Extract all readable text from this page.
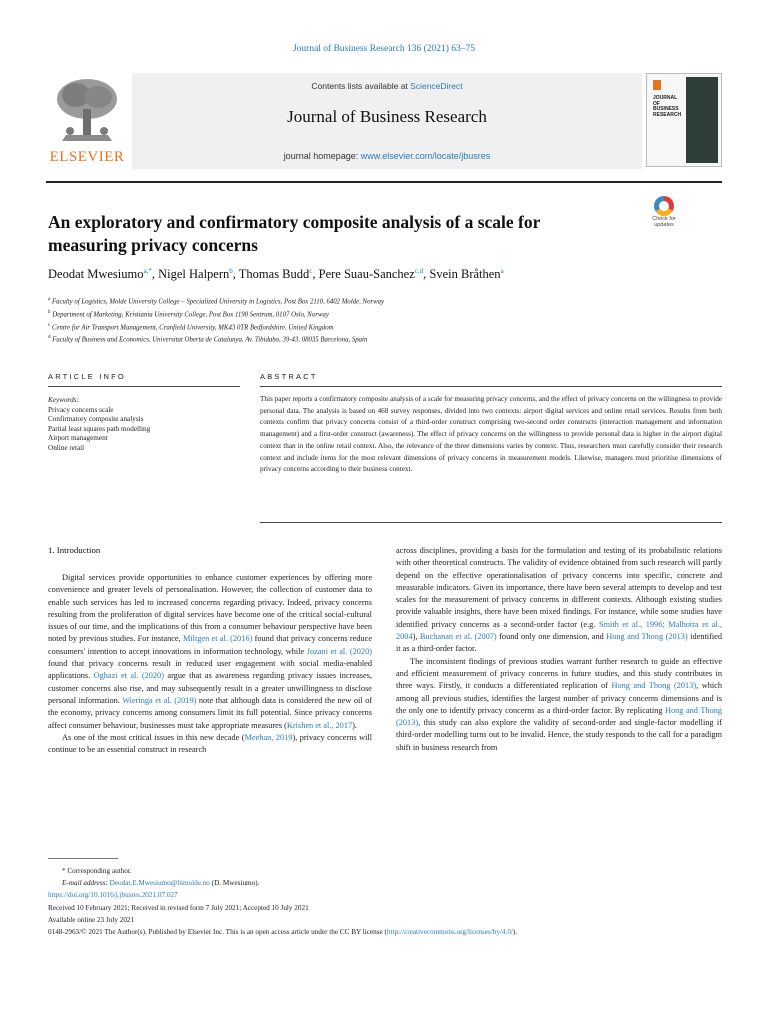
Journal of Business Research 136 (2021) 63–75
ELSEVIER
Contents lists available at ScienceDirect
Journal of Business Research
journal homepage: www.elsevier.com/locate/jbusres
JOURNAL OF BUSINESS RESEARCH
An exploratory and confirmatory composite analysis of a scale for measuring privacy concerns
Check for
updates
Deodat Mwesiumo$^{a,*}$, Nigel Halpern$^b$, Thomas Budd$^c$, Pere Suau-Sanchez$^{c,d}$, Svein Bråthen$^a$
$^a$ Faculty of Logistics, Molde University College – Specialized University in Logistics, Post Box 2110, 6402 Molde, Norway
$^b$ Department of Marketing, Kristiania University College, Post Box 1190 Sentrum, 0107 Oslo, Norway
$^c$ Centre for Air Transport Management, Cranfield University, MK43 0TR Bedfordshire, United Kingdom
$^d$ Faculty of Business and Economics, Universitat Oberta de Catalunya, Av. Tibidabo, 39-43, 08035 Barcelona, Spain
ARTICLE INFO
Keywords:
Privacy concerns scale
Confirmatory composite analysis
Partial least squares path modelling
Airport management
Online retail
ABSTRACT
This paper reports a confirmatory composite analysis of a scale for measuring privacy concerns, and the effect of privacy concerns on the willingness to provide personal data. The analysis is based on 468 survey responses, divided into two contexts: airport digital services and online retail services. Results from both contexts confirm that privacy concerns consist of a third-order construct comprising two-second order constructs (interaction management and information management) and a first-order construct (awareness). The effect of privacy concerns on the willingness to provide personal data is higher in the airport digital context than in the online retail context. Also, the relevance of the three dimensions varies by context. Thus, researchers must carefully consider their research context and include items for the most relevant dimensions of privacy concerns in measurement models. Likewise, managers must prioritise dimensions of privacy concerns according to their business context.
1. Introduction

Digital services provide opportunities to enhance customer experiences by offering more convenience and greater levels of personalisation. However, the collection of customer data to enable such services has led to increased concerns regarding privacy. Indeed, privacy concerns resulting from the proliferation of digital services have become one of the critical social-cultural issues of our time, and the implications of this from a consumer behaviour perspective have been noted by previous studies. For instance, Miltgen et al. (2016) found that privacy concerns reduce consumers' intention to accept innovations in information technology, while Jozani et al. (2020) found that privacy concerns result in reduced user engagement with social media-enabled applications. Oghazi et al. (2020) argue that as awareness regarding privacy issues increases, customer concerns also rise, and may subsequently result in a greater unwillingness to disclose personal information. Wieringa et al. (2019) note that although data is considered the new oil of the economy, privacy concerns among consumers limit its full potential. Since privacy concerns affect consumer behaviour, businesses must take appropriate measures (Krishen et al., 2017).

As one of the most critical issues in this new decade (Meehan, 2019), privacy concerns will continue to be an essential construct in research

across disciplines, providing a basis for the formulation and testing of its probabilistic relations with other theoretical constructs. The validity of evidence obtained from such research will partly depend on the effective operationalisation of privacy concerns into specific, concrete and measurable indicators. Given its importance, there have been several attempts to develop and test scales for the measurement of privacy concerns in different contexts. Although existing studies provide valuable insights, there have been mixed findings. For instance, while some studies have identified privacy concerns as a second-order factor (e.g. Smith et al., 1996; Malhotra et al., 2004), Buchanan et al. (2007) found only one dimension, and Hong and Thong (2013) identified it as a third-order factor.

The inconsistent findings of previous studies warrant further research to guide an effective and efficient measurement of privacy concerns in future studies, and this study contributes in three ways. Firstly, it conducts a differentiated replication of Hong and Thong (2013), which among all previous studies, identifies the largest number of privacy concerns dimensions and is the only one to identify privacy concerns as a third-order factor. By replicating Hong and Thong (2013), this study can also explore the validity of second-order and single-factor modelling if third-order modelling turns out to be invalid. Hence, the study responds to the call for a paradigm shift in business research from

* Corresponding author.
E-mail address: Deodat.E.Mwesiumo@himolde.no (D. Mwesiumo).
https://doi.org/10.1016/j.jbusres.2021.07.027
Received 10 February 2021; Received in revised form 7 July 2021; Accepted 10 July 2021
Available online 23 July 2021
0148-2963/© 2021 The Author(s). Published by Elsevier Inc. This is an open access article under the CC BY license (http://creativecommons.org/licenses/by/4.0/).
